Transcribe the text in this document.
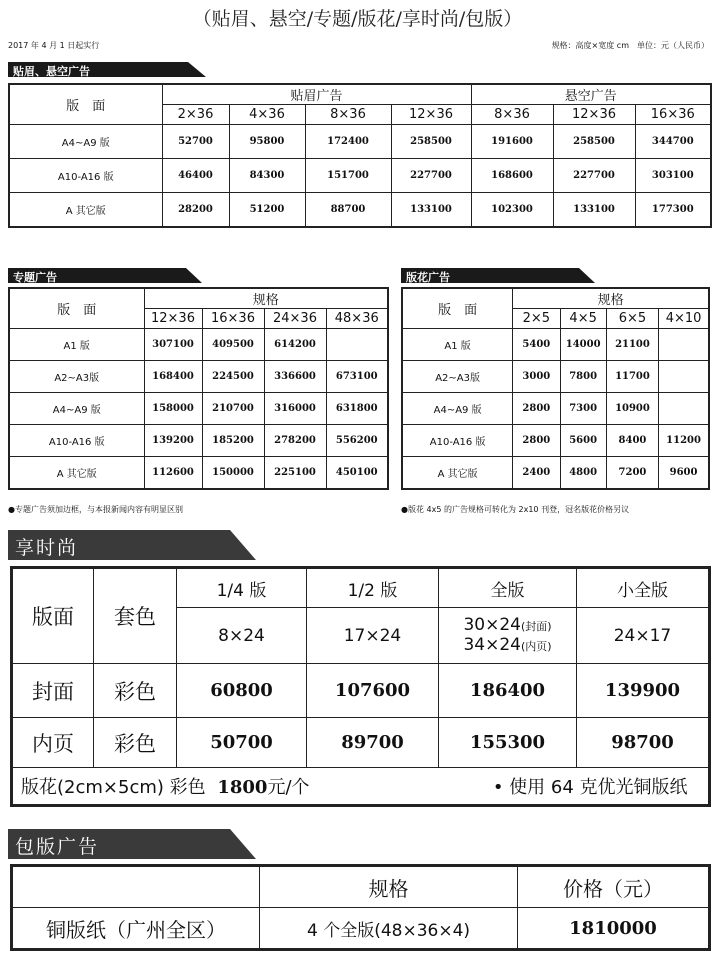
（贴眉、悬空/专题/版花/享时尚/包版）
2017 年 4 月 1 日起实行	规格：高度×宽度 cm　单位：元（人民币）
贴眉、悬空广告
版　面	贴眉广告				悬空广告		
	2×36	4×36	8×36	12×36	8×36	12×36	16×36
A4~A9 版	52700	95800	172400	258500	191600	258500	344700
A10-A16 版	46400	84300	151700	227700	168600	227700	303100
A 其它版	28200	51200	88700	133100	102300	133100	177300
专题广告	版花广告
版　面	规格			
	12×36	16×36	24×36	48×36
A1 版	307100	409500	614200	
A2~A3版	168400	224500	336600	673100
A4~A9 版	158000	210700	316000	631800
A10-A16 版	139200	185200	278200	556200
A 其它版	112600	150000	225100	450100
●专题广告须加边框，与本报新闻内容有明显区别
版　面	规格			
	2×5	4×5	6×5	4×10
A1 版	5400	14000	21100	
A2~A3版	3000	7800	11700	
A4~A9 版	2800	7300	10900	
A10-A16 版	2800	5600	8400	11200
A 其它版	2400	4800	7200	9600
●版花 4x5 的广告规格可转化为 2x10 刊登，冠名版花价格另议
享时尚
版面	套色	1/4 版	1/2 版	全版	小全版
		8×24	17×24	30×24(封面)
34×24(内页)	24×17
封面	彩色	60800	107600	186400	139900
内页	彩色	50700	89700	155300	98700
版花(2cm×5cm) 彩色 1800元/个 • 使用 64 克优光铜版纸					
包版广告
	规格	价格（元）
铜版纸（广州全区）	4 个全版(48×36×4)	1810000
